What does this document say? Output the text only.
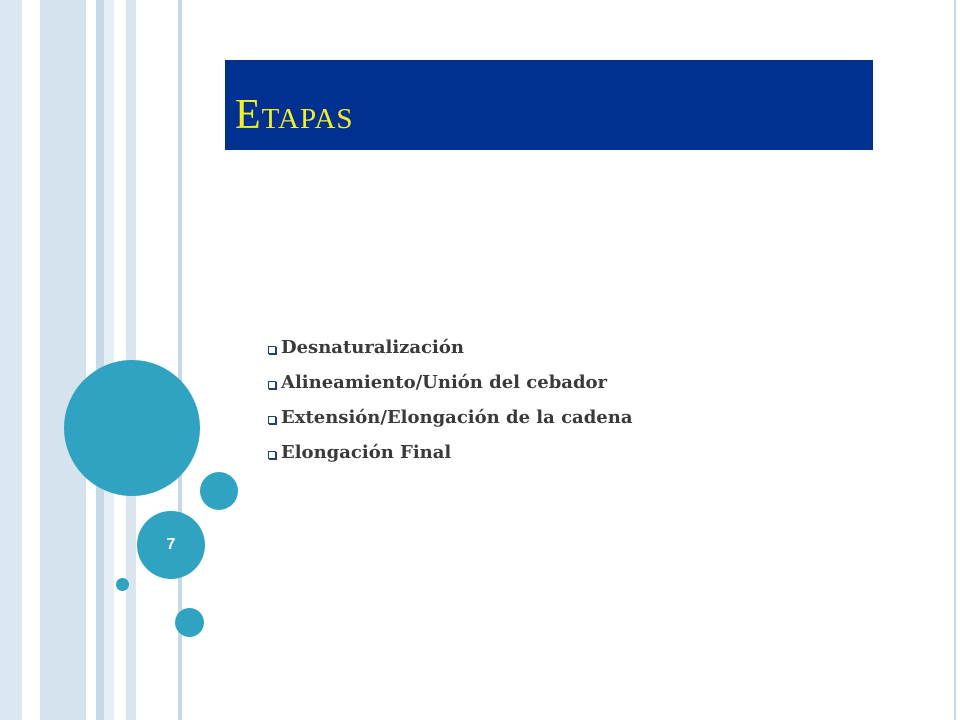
7
Etapas
Desnaturalización
Alineamiento/Unión del cebador
Extensión/Elongación de la cadena
Elongación Final
